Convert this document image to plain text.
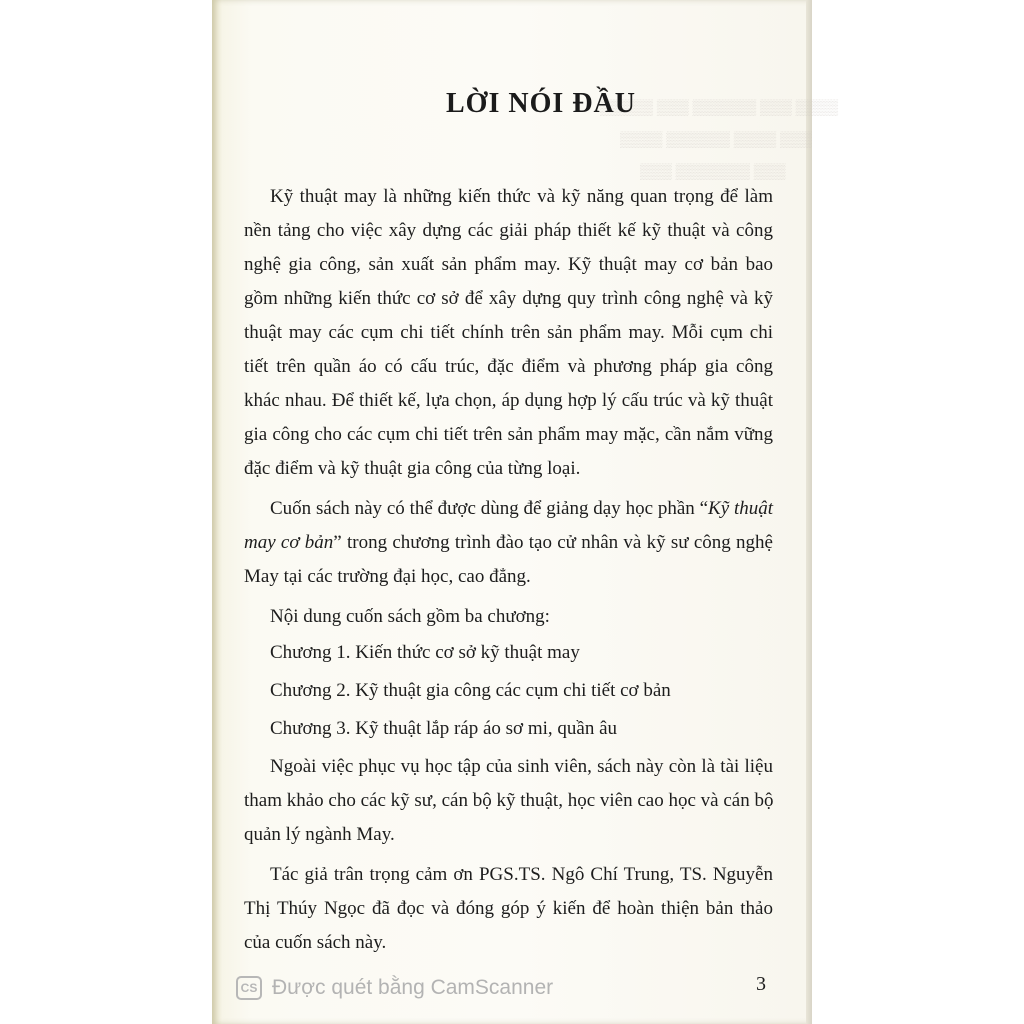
▒▒▒▒▒ ▒▒▒ ▒▒▒▒▒▒ ▒▒▒ ▒▒▒▒
▒▒▒▒ ▒▒▒▒▒▒ ▒▒▒▒ ▒▒▒
▒▒▒ ▒▒▒▒▒▒▒ ▒▒▒
LỜI NÓI ĐẦU
Kỹ thuật may là những kiến thức và kỹ năng quan trọng để làm
nền tảng cho việc xây dựng các giải pháp thiết kế kỹ thuật và công
nghệ gia công, sản xuất sản phẩm may. Kỹ thuật may cơ bản bao
gồm những kiến thức cơ sở để xây dựng quy trình công nghệ và kỹ
thuật may các cụm chi tiết chính trên sản phẩm may. Mỗi cụm chi
tiết trên quần áo có cấu trúc, đặc điểm và phương pháp gia công
khác nhau. Để thiết kế, lựa chọn, áp dụng hợp lý cấu trúc và kỹ thuật
gia công cho các cụm chi tiết trên sản phẩm may mặc, cần nắm vững
đặc điểm và kỹ thuật gia công của từng loại.
Cuốn sách này có thể được dùng để giảng dạy học phần “Kỹ thuật
may cơ bản” trong chương trình đào tạo cử nhân và kỹ sư công nghệ
May tại các trường đại học, cao đẳng.
Nội dung cuốn sách gồm ba chương:
Chương 1. Kiến thức cơ sở kỹ thuật may
Chương 2. Kỹ thuật gia công các cụm chi tiết cơ bản
Chương 3. Kỹ thuật lắp ráp áo sơ mi, quần âu
Ngoài việc phục vụ học tập của sinh viên, sách này còn là tài liệu
tham khảo cho các kỹ sư, cán bộ kỹ thuật, học viên cao học và cán bộ
quản lý ngành May.
Tác giả trân trọng cảm ơn PGS.TS. Ngô Chí Trung, TS. Nguyễn
Thị Thúy Ngọc đã đọc và đóng góp ý kiến để hoàn thiện bản thảo
của cuốn sách này.
CS Được quét bằng CamScanner	3
